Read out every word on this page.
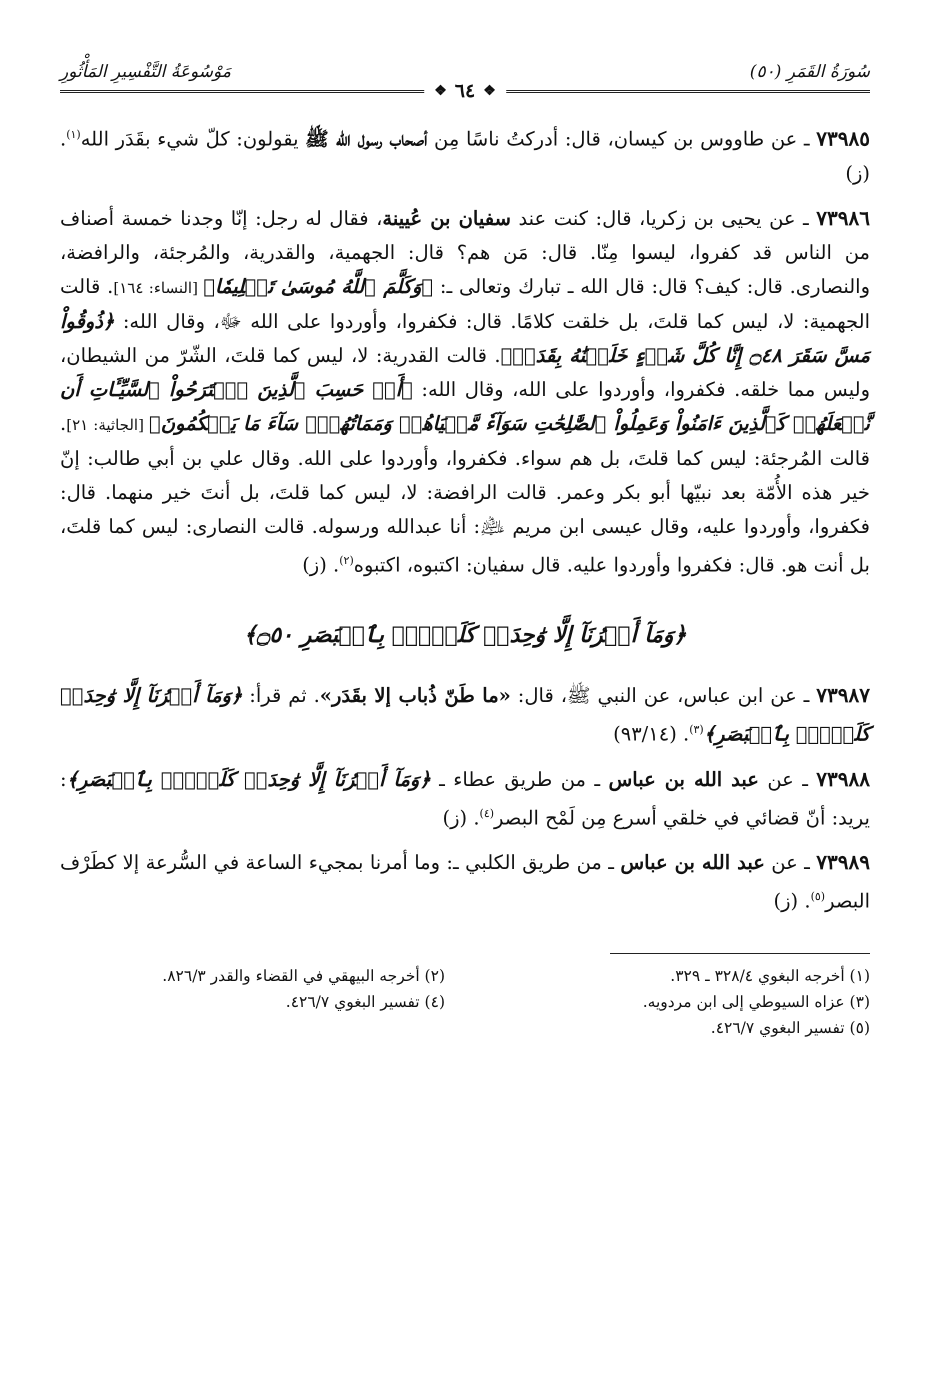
سُورَةُ القَمَرِ (٥٠)
مَوْسُوعَةُ التَّفْسِيرِ المَأْثُورِ
❖
٦٤
❖

٧٣٩٨٥ ـ عن طاووس بن كيسان، قال: أدركتُ ناسًا مِن أصحاب رسول الله ﷺ يقولون: كلّ شيء بقَدَر الله$^{(١)}$. (ز)

٧٣٩٨٦ ـ عن يحيى بن زكريا، قال: كنت عند سفيان بن عُيينة، فقال له رجل: إنّا وجدنا خمسة أصناف من الناس قد كفروا، ليسوا مِنّا. قال: مَن هم؟ قال: الجهمية، والقدرية، والمُرجئة، والرافضة، والنصارى. قال: كيف؟ قال: قال الله ـ تبارك وتعالى ـ: ﴿وَكَلَّمَ ٱللَّهُ مُوسَىٰ تَكۡلِيمٗا﴾ [النساء: ١٦٤]. قالت الجهمية: لا، ليس كما قلتَ، بل خلقت كلامًا. قال: فكفروا، وأوردوا على الله ﷻ، وقال الله: ﴿ذُوقُواْ مَسَّ سَقَرَ ۝٤٨ إِنَّا كُلَّ شَيۡءٍ خَلَقۡنَٰهُ بِقَدَرٖ﴾. قالت القدرية: لا، ليس كما قلتَ، الشّرّ من الشيطان، وليس مما خلقه. فكفروا، وأوردوا على الله، وقال الله: ﴿أَمۡ حَسِبَ ٱلَّذِينَ ٱجۡتَرَحُواْ ٱلسَّيِّـَٔاتِ أَن نَّجۡعَلَهُمۡ كَٱلَّذِينَ ءَامَنُواْ وَعَمِلُواْ ٱلصَّٰلِحَٰتِ سَوَآءٗ مَّحۡيَاهُمۡ وَمَمَاتُهُمۡۚ سَآءَ مَا يَحۡكُمُونَ﴾ [الجاثية: ٢١]. قالت المُرجئة: ليس كما قلتَ، بل هم سواء. فكفروا، وأوردوا على الله. وقال علي بن أبي طالب: إنّ خير هذه الأُمّة بعد نبيّها أبو بكر وعمر. قالت الرافضة: لا، ليس كما قلتَ، بل أنتَ خير منهما. قال: فكفروا، وأوردوا عليه، وقال عيسى ابن مريم ﵇: أنا عبدالله ورسوله. قالت النصارى: ليس كما قلتَ، بل أنت هو. قال: فكفروا وأوردوا عليه. قال سفيان: اكتبوه، اكتبوه$^{(٢)}$. (ز)

﴿وَمَآ أَمۡرُنَآ إِلَّا وَٰحِدَةٞ كَلَمۡحِۭ بِٱلۡبَصَرِ ۝٥٠﴾

٧٣٩٨٧ ـ عن ابن عباس، عن النبي ﷺ، قال: «ما طَنّ ذُباب إلا بقَدَر». ثم قرأ: ﴿وَمَآ أَمۡرُنَآ إِلَّا وَٰحِدَةٞ كَلَمۡحِۭ بِٱلۡبَصَرِ﴾$^{(٣)}$. (٩٣/١٤)

٧٣٩٨٨ ـ عن عبد الله بن عباس ـ من طريق عطاء ـ ﴿وَمَآ أَمۡرُنَآ إِلَّا وَٰحِدَةٞ كَلَمۡحِۭ بِٱلۡبَصَرِ﴾: يريد: أنّ قضائي في خلقي أسرع مِن لَمْح البصر$^{(٤)}$. (ز)

٧٣٩٨٩ ـ عن عبد الله بن عباس ـ من طريق الكلبي ـ: وما أمرنا بمجيء الساعة في السُّرعة إلا كطَرْف البصر$^{(٥)}$. (ز)

(١) أخرجه البغوي ٣٢٨/٤ ـ ٣٢٩.
(٢) أخرجه البيهقي في القضاء والقدر ٨٢٦/٣.
(٣) عزاه السيوطي إلى ابن مردويه.
(٤) تفسير البغوي ٤٢٦/٧.
(٥) تفسير البغوي ٤٢٦/٧.
